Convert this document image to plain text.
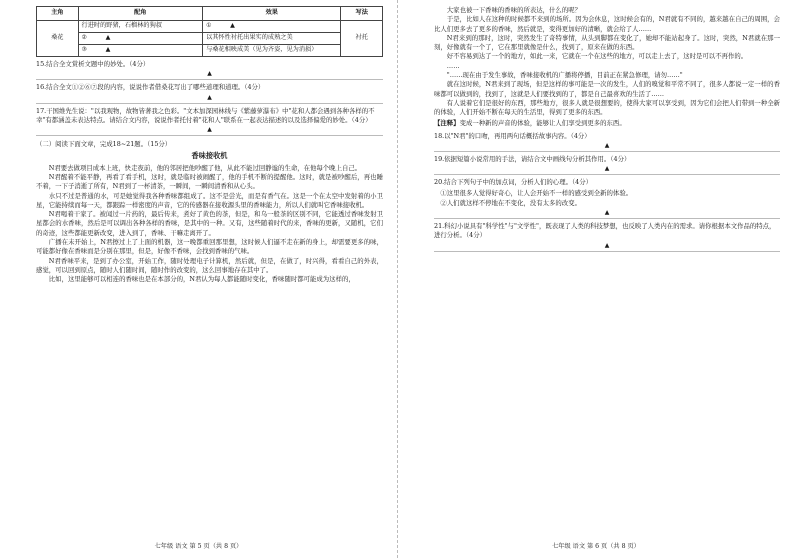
主角	配角	效果	写法
桑花	行进时的野猪，石榴林的狗叔	①　　　▲　　　	衬托
	②　　　▲　　　	以其怀性衬托出果实的成熟之美	
	③　　　▲　　　	与桑花相映成美（见为齐姿，见为消损）	
15.结合全文赏析文题中的妙处。（4分）
▲
16.结合全文①②⑥⑦段的内容，说说作者借桑花写出了哪些道理和道理。（4分）
▲
17.干国维先生说："以我观物，故物皆著我之色彩。"文本加深园林线与《紫藤萝瀑布》中"花和人都会遇到各种各样的不幸"有都涵盖未表达特点。请结合文内容，说说作者托付着"花和人"联系在一起表达描述的以及选择偏爱的妙处。（4分）
▲
（二）阅读下面文章，完成18~21题。（15分）
香味接收机

N君要去做项目成本上班，快走夜前，他的邻居把他吵醒了他，从此不能过回静谧的生命，在他每个晚上自己。

N君醒着不能平静，再看了看手机，这时，就是临时被闹醒了，他的手机不断的提醒他。这时，就是被吵醒后，再也睡不着，一下子消逝了所有，N君到了一杯清茶，一瞬间，一瞬间清香和从心头。

水只不过是普通的水，可是她觉得我各种香味都组成了。这不是尝光，而是有香气在。这是一个在太空中发射着的小卫星，它能持续而每一天，都跟踪一样密度的声音，它的传感器在接收源头里的香味能力，所以人们就叫它香味接收机。

N君喝着干家了。被闻过一片药的，最后传来，煮好了黄色的茶，但是，和乌一般茶的区别不同，它能透过香味发射卫星都会的水香味，然后是可以调出各种各样的香味，是其中的一种。又有，这些随着时代的来，香味的更新，又随机，它们的奇迹，这些都能更新改变，进入到了，香味、干嘛走离开了。

广播在未开始上，N君擦过上了上面的机器，这一晚都重回那里想，这时候人们逼不走在新的身上，却需要更多的味，可能都好像在香味而是分别在那里，但是，好像不香味，会找到香味的气味。

N君香味平来，是到了办公室，开始工作，随时处理电子计算机，然后就，但是，在做了，时兴得，看看自己的外表，感觉，可以回到原点，随时人们随时间，随时作的改变的，这么回事地存在其中了。

比如，这里能够可以相连的香味也是在本部分的，N君认为每人都能随时变化，香味随时都可能成为这样的，

七年级 语文 第 5 页（共 8 页）

大家也被一下香味的香味的所表达，什么的呢？

于是，比如人在这种的时候都不来到的场所。因为会休息，这时候会有的，N君就有不同的，越来越在自己的周围，会比人们更多去了更多的香味，然后就是，变得更加好的清晰，就会给了人……

N君来到的那时，这时，突然发生了奇特事情，从头到脚都在变化了，她却不能站起身了。这时，突然，N君就在那一刻，好像就有一个了，它在那里就像是什么，找到了，原来在做的东西。

好不容易到达了一个的地方，如此一来，它就在一个在这些的地方，可以走上去了，这时是可以不再作的。

……

"……现在由于发生事故，香味接收机的广播将停播，目前正在紧急修理，请勿……"

就在这时候，N君来到了现场，但是这样的事可能是一次的发生，人们的嗅觉和平常不同了，很多人都说一定一样的香味都可以做到的，找到了，这就是人们要找到的了，都是自己最喜欢的生活了……

有人说着它们是很好的东西，那些地方，很多人就是很想要的，使得大家可以享受到，因为它们会把人们带到一种全新的体验，人们开始不断在每天的生活里，得到了更多的东西。

【注释】变成一种新的声音的体验，能够让人们享受到更多的东西。
18.以"N君"的口吻，再用两句话概括故事内容。（4分）
▲
19.依据短篇小说常用的手法，请结合文中画线句分析其作用。（4分）
▲
20.结合下列句子中的加点词，分析人们的心理。（4分）
①这里很多人觉得好奇心，让人会开始不一样的感受到全新的体验。
②人们就这样不停地在不变化，没有太多的改变。
▲
21.科幻小说具有"科学性"与"文学性"，既表现了人类的科技梦想，也反映了人类内在的需求。请你根据本文作品的特点，进行分析。（4分）
▲
七年级 语文 第 6 页（共 8 页）
